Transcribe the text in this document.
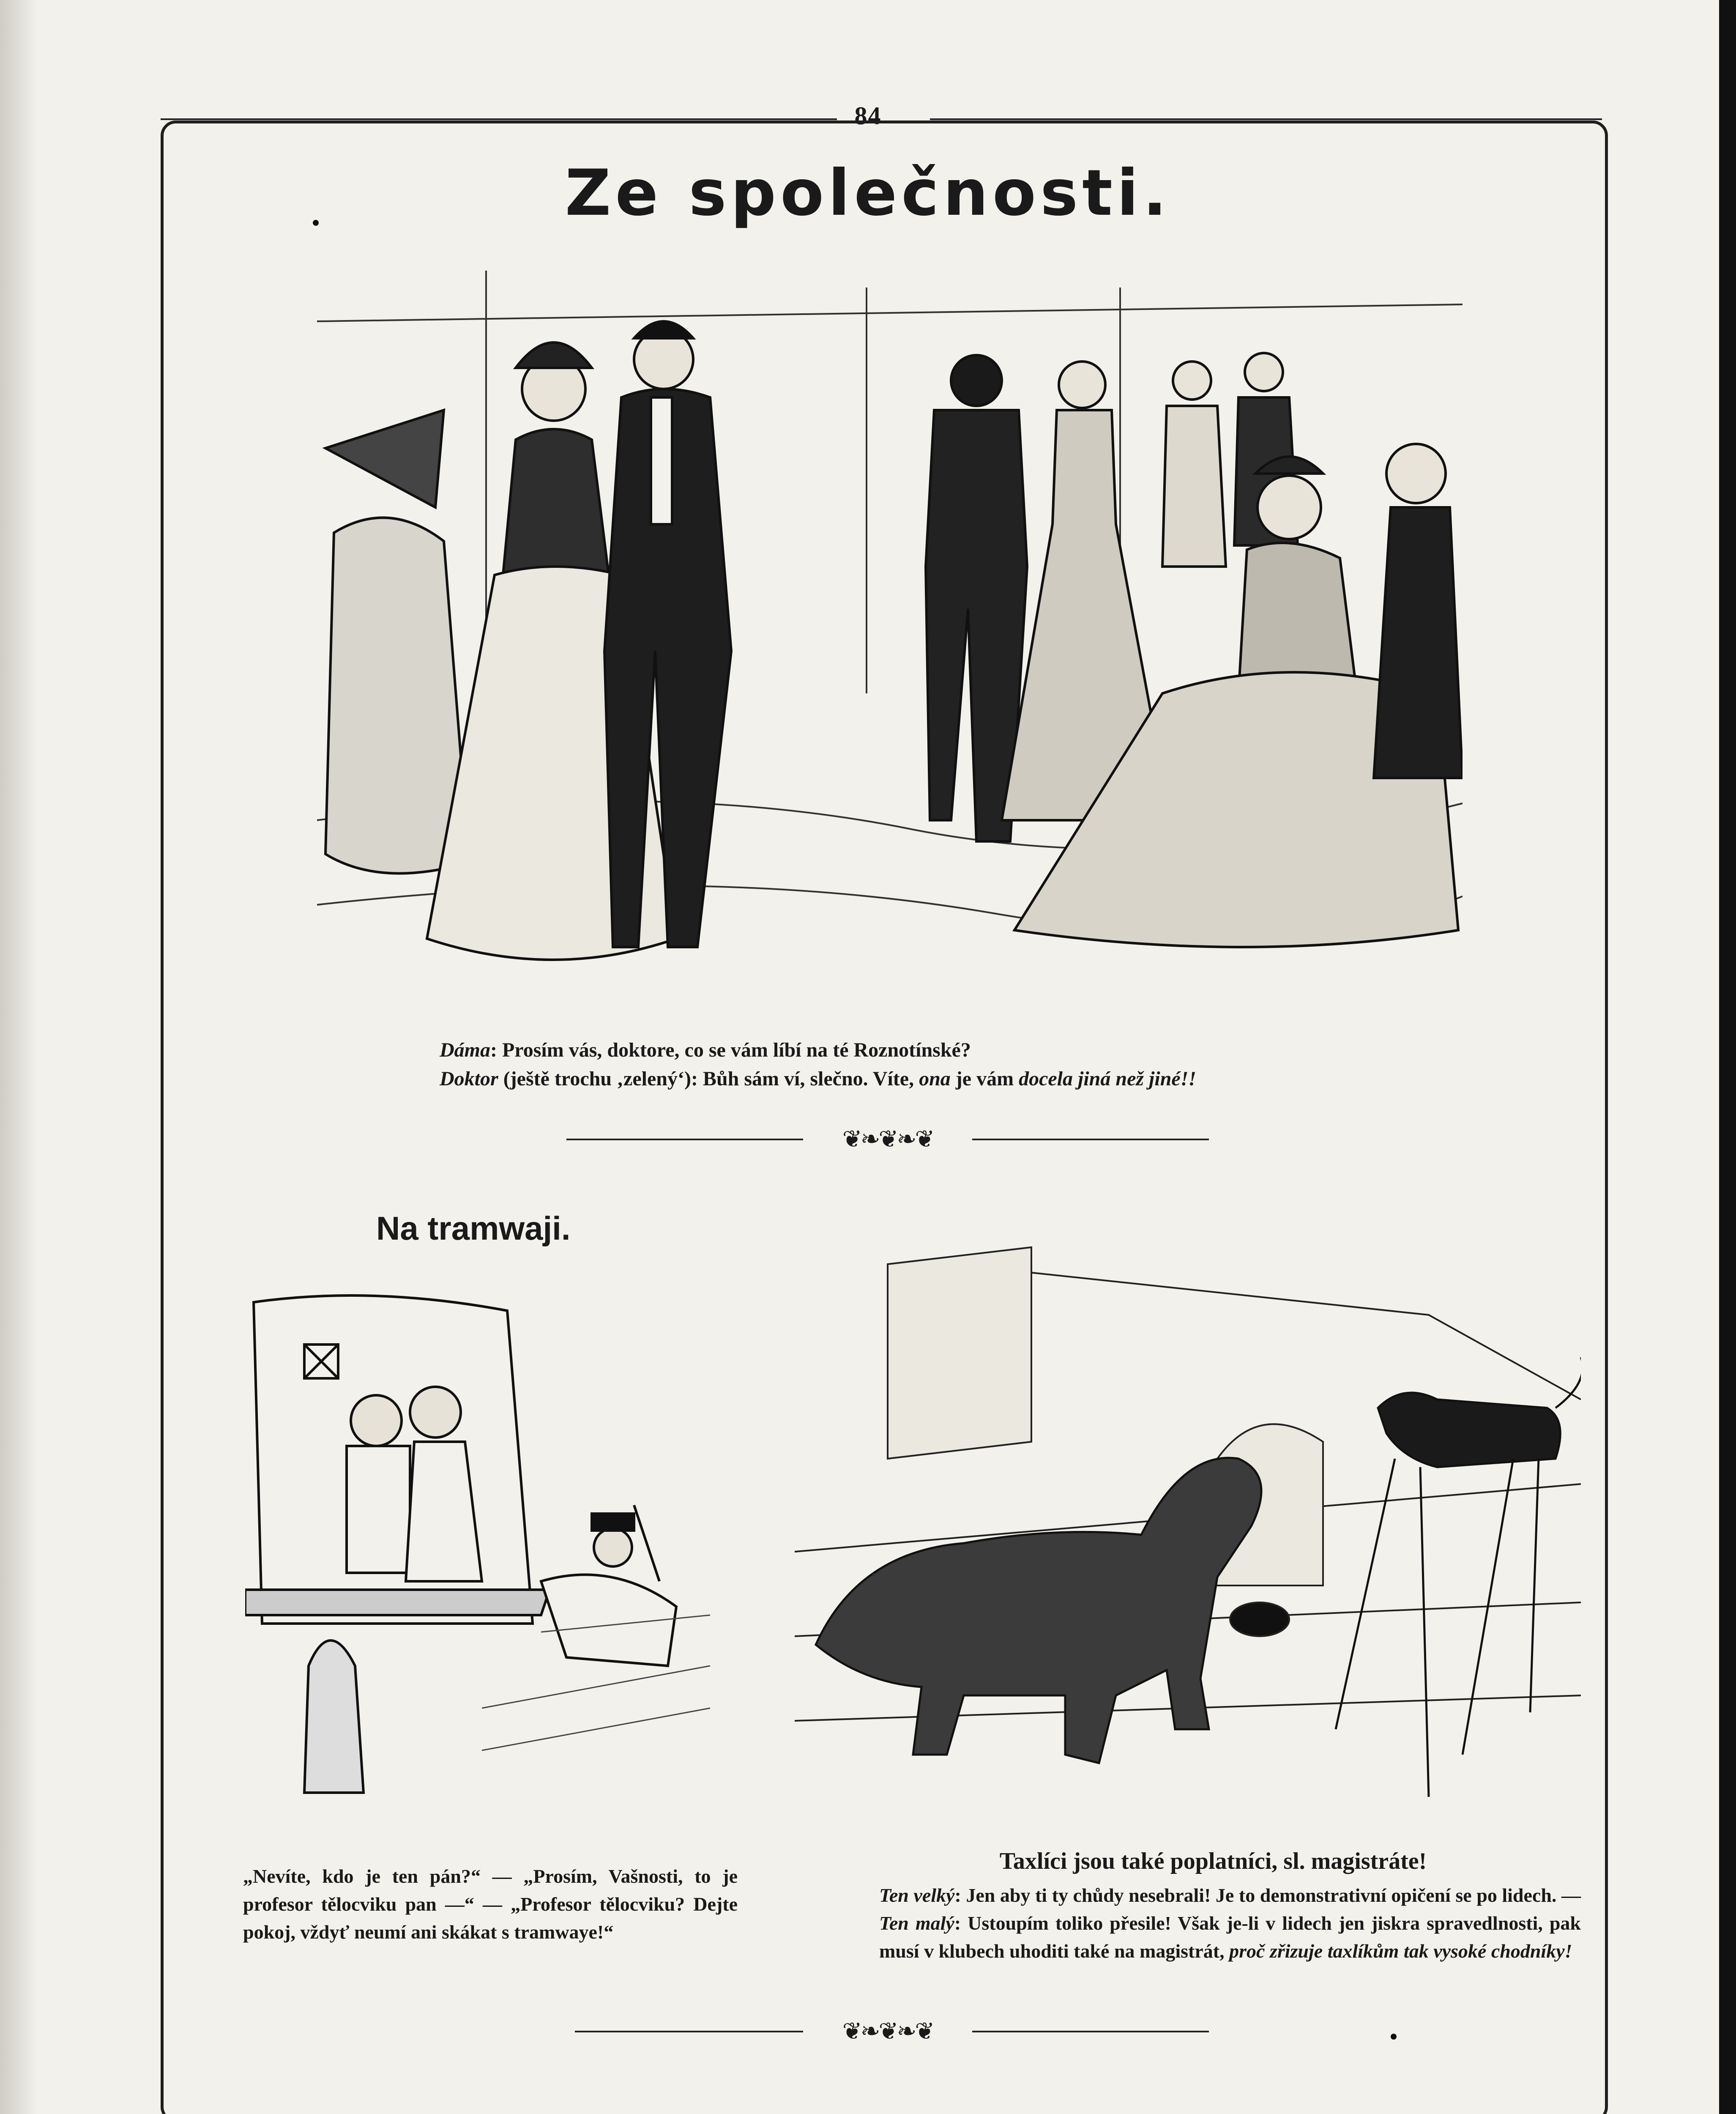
84
Ze společnosti.
Dáma: Prosím vás, doktore, co se vám líbí na té Roznotínské?
Doktor (ještě trochu ‚zelený‘): Bůh sám ví, slečno. Víte, ona je vám docela jiná než jiné!!
❦❧❦❧❦
Na tramwaji.
„Nevíte, kdo je ten pán?“ — „Prosím, Vašnosti, to je profesor tělocviku pan —“ — „Profesor tělocviku? Dejte pokoj, vždyť neumí ani skákat s tramwaye!“
Taxlíci jsou také poplatníci, sl. magistráte!
Ten velký: Jen aby ti ty chůdy nesebrali! Je to demonstrativní opičení se po lidech. — Ten malý: Ustoupím toliko přesile! Však je-li v lidech jen jiskra spravedlnosti, pak musí v klubech uhoditi také na magistrát, proč zřizuje taxlíkům tak vysoké chodníky!
❦❧❦❧❦
